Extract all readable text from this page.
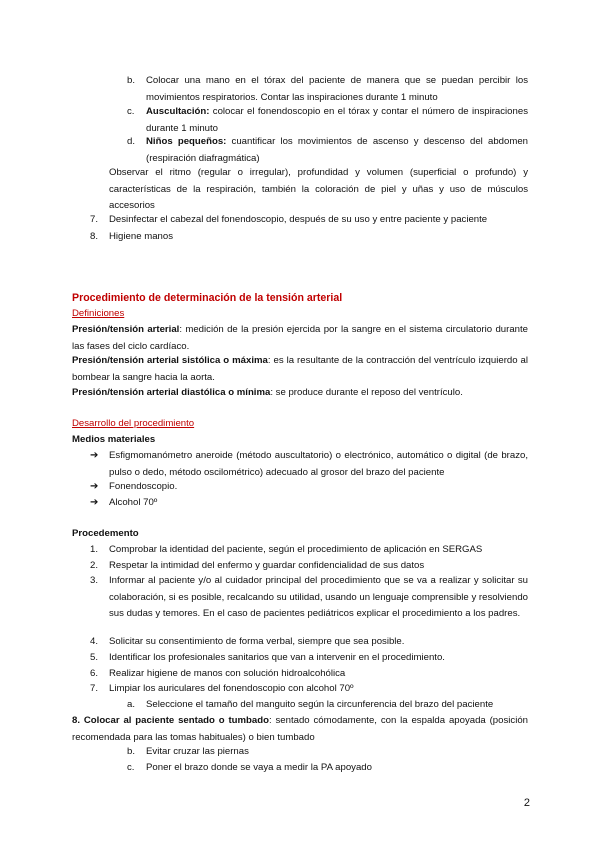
b.	Colocar una mano en el tórax del paciente de manera que se puedan percibir los movimientos respiratorios. Contar las inspiraciones durante 1 minuto
c.	Auscultación: colocar el fonendoscopio en el tórax y contar el número de inspiraciones durante 1 minuto
d.	Niños pequeños: cuantificar los movimientos de ascenso y descenso del abdomen (respiración diafragmática)

Observar el ritmo (regular o irregular), profundidad y volumen (superficial o profundo) y características de la respiración, también la coloración de piel y uñas y uso de músculos accesorios

7.	Desinfectar el cabezal del fonendoscopio, después de su uso y entre paciente y paciente
8.	Higiene manos
Procedimiento de determinación de la tensión arterial
Definiciones

Presión/tensión arterial: medición de la presión ejercida por la sangre en el sistema circulatorio durante las fases del ciclo cardíaco.

Presión/tensión arterial sistólica o máxima: es la resultante de la contracción del ventrículo izquierdo al bombear la sangre hacia la aorta.

Presión/tensión arterial diastólica o mínima: se produce durante el reposo del ventrículo.

Desarrollo del procedimiento
Medios materiales
➔	Esfigmomanómetro aneroide (método auscultatorio) o electrónico, automático o digital (de brazo, pulso o dedo, método oscilométrico) adecuado al grosor del brazo del paciente
➔	Fonendoscopio.
➔	Alcohol 70º
Procedemento
1.	Comprobar la identidad del paciente, según el procedimiento de aplicación en SERGAS
2.	Respetar la intimidad del enfermo y guardar confidencialidad de sus datos
3.	Informar al paciente y/o al cuidador principal del procedimiento que se va a realizar y solicitar su colaboración, si es posible, recalcando su utilidad, usando un lenguaje comprensible y resolviendo sus dudas y temores. En el caso de pacientes pediátricos explicar el procedimiento a los padres.
4.	Solicitar su consentimiento de forma verbal, siempre que sea posible.
5.	Identificar los profesionales sanitarios que van a intervenir en el procedimiento.
6.	Realizar higiene de manos con solución hidroalcohólica
7.	Limpiar los auriculares del fonendoscopio con alcohol 70º
a.	Seleccione el tamaño del manguito según la circunferencia del brazo del paciente

8. Colocar al paciente sentado o tumbado: sentado cómodamente, con la espalda apoyada (posición recomendada para las tomas habituales) o bien tumbado

b.	Evitar cruzar las piernas
c.	Poner el brazo donde se vaya a medir la PA apoyado
2
